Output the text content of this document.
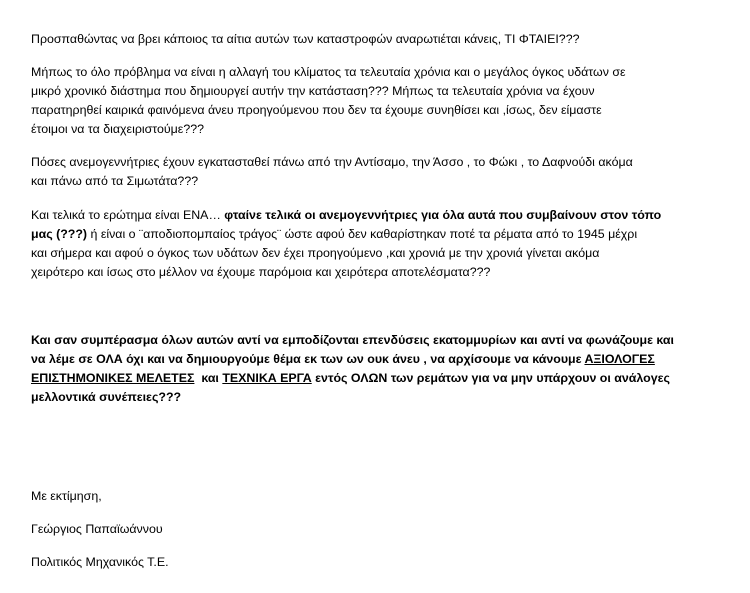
Προσπαθώντας να βρει κάποιος τα αίτια αυτών των καταστροφών αναρωτιέται κάνεις, ΤΙ ΦΤΑΙΕΙ???
Μήπως το όλο πρόβλημα να είναι η αλλαγή του κλίματος τα τελευταία χρόνια και ο μεγάλος όγκος υδάτων σε
μικρό χρονικό διάστημα που δημιουργεί αυτήν την κατάσταση??? Μήπως τα τελευταία χρόνια να έχουν
παρατηρηθεί καιρικά φαινόμενα άνευ προηγούμενου που δεν τα έχουμε συνηθίσει και ,ίσως, δεν είμαστε
έτοιμοι να τα διαχειριστούμε???
Πόσες ανεμογεννήτριες έχουν εγκατασταθεί πάνω από την Αντίσαμο, την Άσσο , το Φώκι , το Δαφνούδι ακόμα
και πάνω από τα Σιμωτάτα???
Και τελικά το ερώτημα είναι ΕΝΑ… φταίνε τελικά οι ανεμογεννήτριες για όλα αυτά που συμβαίνουν στον τόπο
μας (???) ή είναι ο ¨αποδιοπομπαίος τράγος¨ ώστε αφού δεν καθαρίστηκαν ποτέ τα ρέματα από το 1945 μέχρι
και σήμερα και αφού ο όγκος των υδάτων δεν έχει προηγούμενο ,και χρονιά με την χρονιά γίνεται ακόμα
χειρότερο και ίσως στο μέλλον να έχουμε παρόμοια και χειρότερα αποτελέσματα???
Και σαν συμπέρασμα όλων αυτών αντί να εμποδίζονται επενδύσεις εκατομμυρίων και αντί να φωνάζουμε και
να λέμε σε ΟΛΑ όχι και να δημιουργούμε θέμα εκ των ων ουκ άνευ , να αρχίσουμε να κάνουμε ΑΞΙΟΛΟΓΕΣ
ΕΠΙΣΤΗΜΟΝΙΚΕΣ ΜΕΛΕΤΕΣ  και ΤΕΧΝΙΚΑ ΕΡΓΑ εντός ΟΛΩΝ των ρεμάτων για να μην υπάρχουν οι ανάλογες
μελλοντικά συνέπειες???
Με εκτίμηση,
Γεώργιος Παπαϊωάννου
Πολιτικός Μηχανικός Τ.Ε.
